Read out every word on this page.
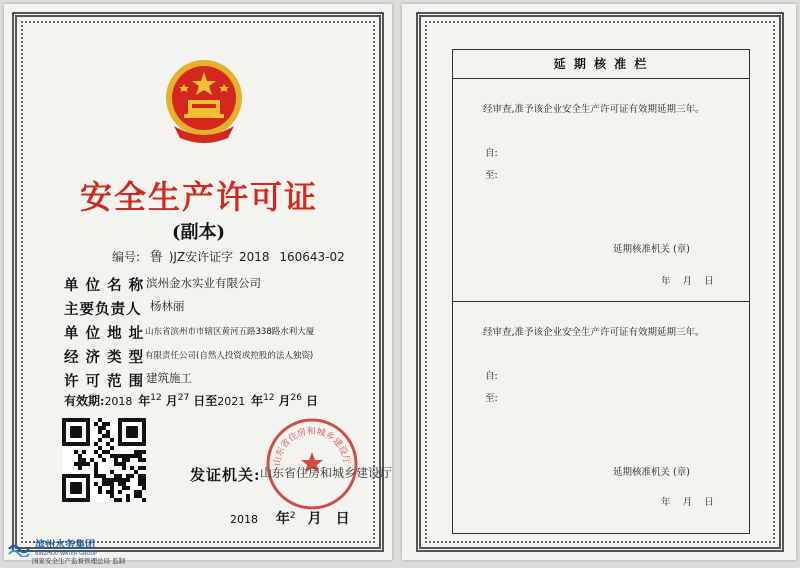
安全生产许可证
(副本)
编号: 鲁 )JZ安许证字 2018 160643-02
单 位 名 称 滨州金水实业有限公司
主要负责人 杨林丽
单 位 地 址 山东省滨州市市辖区黄河五路338路水利大厦
经 济 类 型 有限责任公司(自然人投资或控股的法人独资)
许 可 范 围 建筑施工
有效期:2018 年$^{12}$ 月$^{27}$ 日至2021 年$^{12}$ 月$^{26}$ 日
山东省住房和城乡建设厅
发证机关: 山东省住房和城乡建设厅
2018 年$^2$ 月 日

滨州水务集团
BINZHOU WATER GROUP
国家安全生产监督管理总局 监制
延 期 核 准 栏
经审查,准予该企业安全生产许可证有效期延期三年。
自:
至:
延期核准机关 (章)
年    月    日
经审查,准予该企业安全生产许可证有效期延期三年。
自:
至:
延期核准机关 (章)
年    月    日
